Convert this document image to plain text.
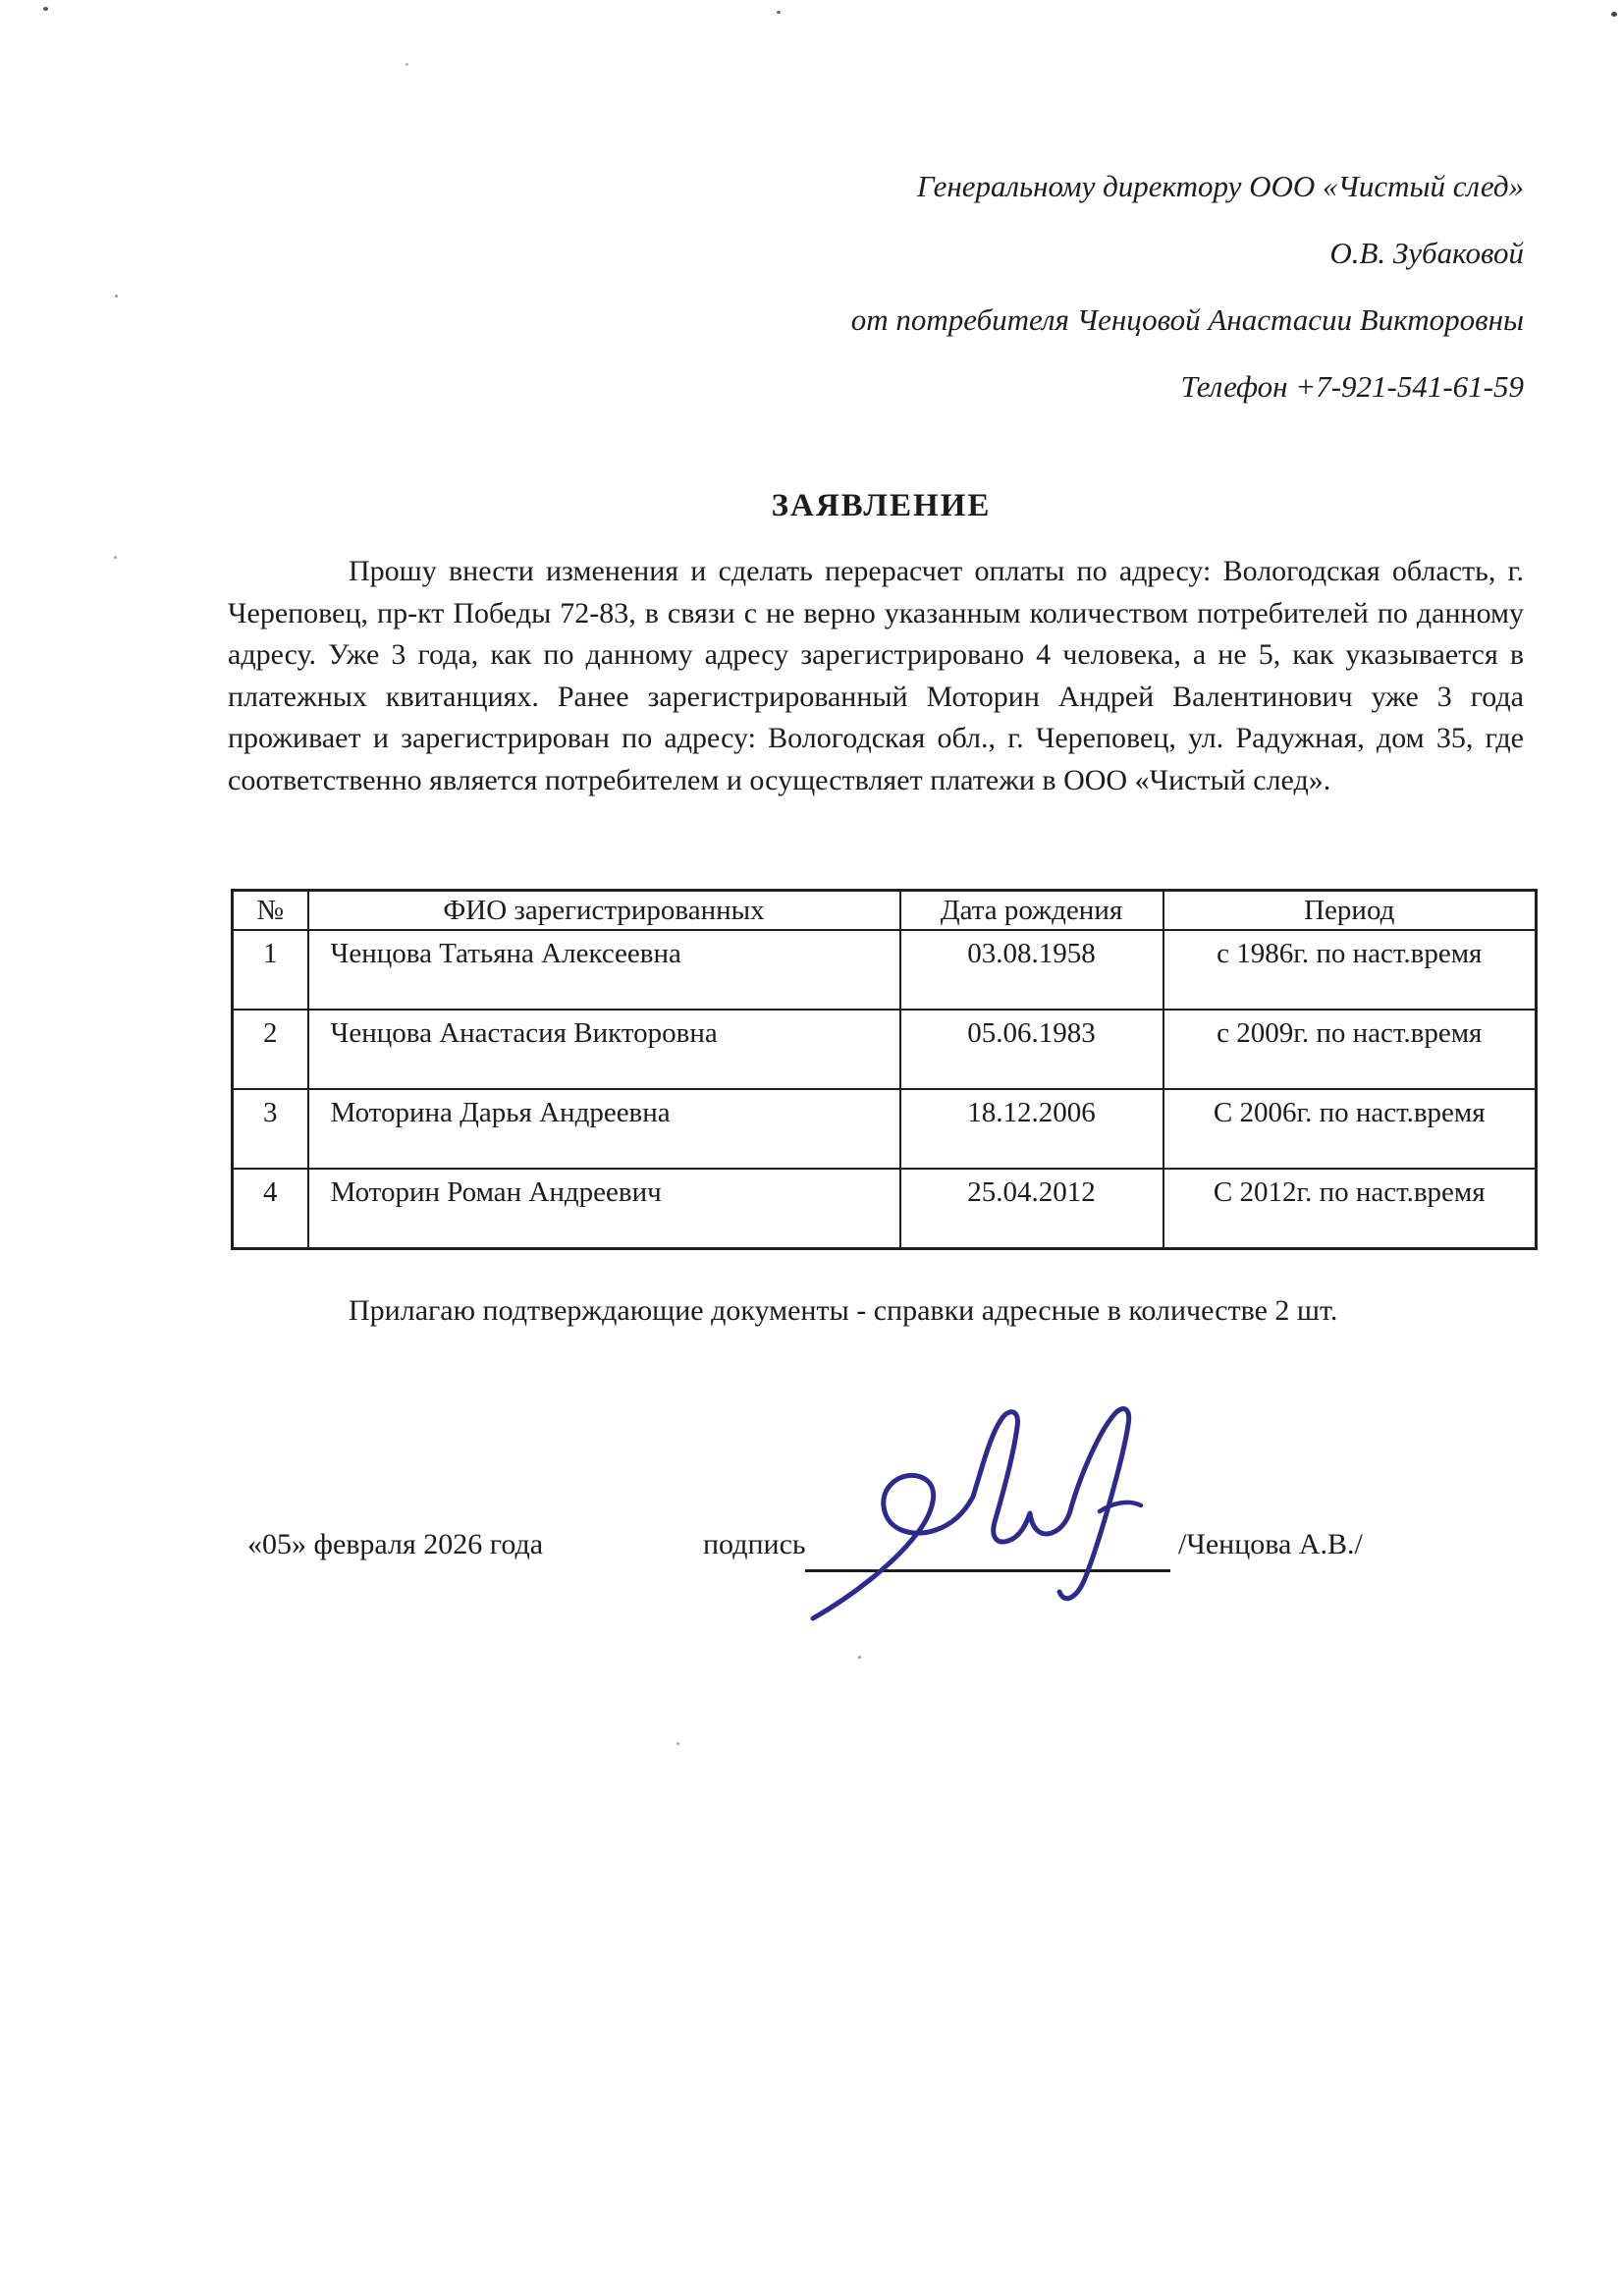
Генеральному директору ООО «Чистый след»
О.В. Зубаковой
от потребителя Ченцовой Анастасии Викторовны
Телефон +7-921-541-61-59
ЗАЯВЛЕНИЕ
Прошу внести изменения и сделать перерасчет оплаты по адресу: Вологодская область, г. Череповец, пр-кт Победы 72-83, в связи с не верно указанным количеством потребителей по данному адресу. Уже 3 года, как по данному адресу зарегистрировано 4 человека, а не 5, как указывается в платежных квитанциях. Ранее зарегистрированный Моторин Андрей Валентинович уже 3 года проживает и зарегистрирован по адресу: Вологодская обл., г. Череповец, ул. Радужная, дом 35, где соответственно является потребителем и осуществляет платежи в ООО «Чистый след».
№	ФИО зарегистрированных	Дата рождения	Период
1	Ченцова Татьяна Алексеевна	03.08.1958	с 1986г. по наст.время
2	Ченцова Анастасия Викторовна	05.06.1983	с 2009г. по наст.время
3	Моторина Дарья Андреевна	18.12.2006	С 2006г. по наст.время
4	Моторин Роман Андреевич	25.04.2012	С 2012г. по наст.время
Прилагаю подтверждающие документы - справки адресные в количестве 2 шт.
«05» февраля 2026 года	подпись	/Ченцова А.В./
